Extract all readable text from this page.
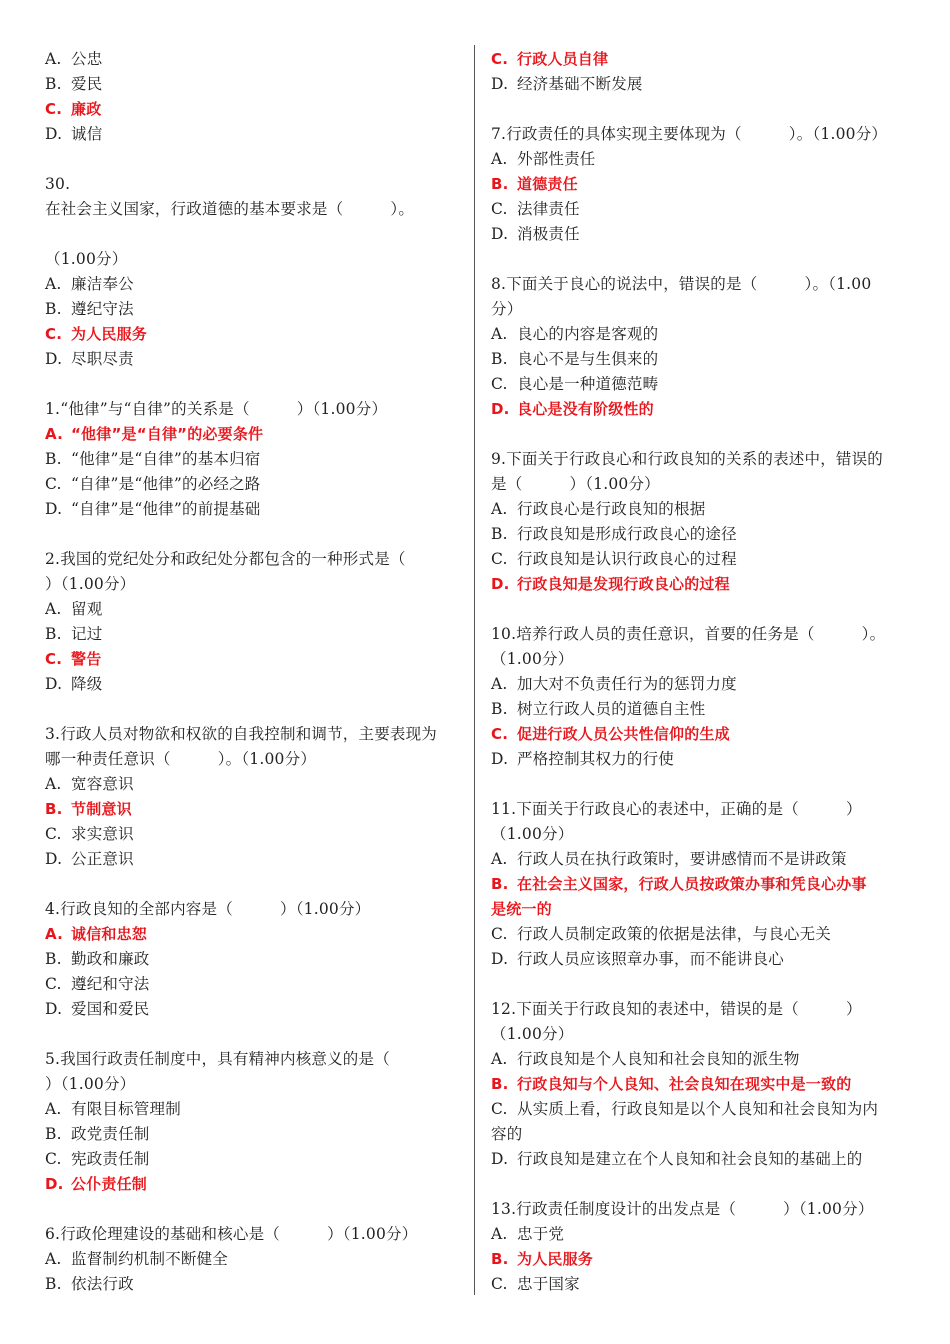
A. 公忠
B. 爱民
C. 廉政
D. 诚信
30.
在社会主义国家，行政道德的基本要求是（　　　）。
（1.00分）
A. 廉洁奉公
B. 遵纪守法
C. 为人民服务
D. 尽职尽责
1.“他律”与“自律”的关系是（　　　）（1.00分）
A. “他律”是“自律”的必要条件
B. “他律”是“自律”的基本归宿
C. “自律”是“他律”的必经之路
D. “自律”是“他律”的前提基础
2.我国的党纪处分和政纪处分都包含的一种形式是（
）（1.00分）
A. 留观
B. 记过
C. 警告
D. 降级
3.行政人员对物欲和权欲的自我控制和调节，主要表现为
哪一种责任意识（　　　）。（1.00分）
A. 宽容意识
B. 节制意识
C. 求实意识
D. 公正意识
4.行政良知的全部内容是（　　　）（1.00分）
A. 诚信和忠恕
B. 勤政和廉政
C. 遵纪和守法
D. 爱国和爱民
5.我国行政责任制度中，具有精神内核意义的是（
）（1.00分）
A. 有限目标管理制
B. 政党责任制
C. 宪政责任制
D. 公仆责任制
6.行政伦理建设的基础和核心是（　　　）（1.00分）
A. 监督制约机制不断健全
B. 依法行政
C. 行政人员自律
D. 经济基础不断发展
7.行政责任的具体实现主要体现为（　　　）。（1.00分）
A. 外部性责任
B. 道德责任
C. 法律责任
D. 消极责任
8.下面关于良心的说法中，错误的是（　　　）。（1.00
分）
A. 良心的内容是客观的
B. 良心不是与生俱来的
C. 良心是一种道德范畴
D. 良心是没有阶级性的
9.下面关于行政良心和行政良知的关系的表述中，错误的
是（　　　）（1.00分）
A. 行政良心是行政良知的根据
B. 行政良知是形成行政良心的途径
C. 行政良知是认识行政良心的过程
D. 行政良知是发现行政良心的过程
10.培养行政人员的责任意识，首要的任务是（　　　）。
（1.00分）
A. 加大对不负责任行为的惩罚力度
B. 树立行政人员的道德自主性
C. 促进行政人员公共性信仰的生成
D. 严格控制其权力的行使
11.下面关于行政良心的表述中，正确的是（　　　）
（1.00分）
A. 行政人员在执行政策时，要讲感情而不是讲政策
B. 在社会主义国家，行政人员按政策办事和凭良心办事
是统一的
C. 行政人员制定政策的依据是法律，与良心无关
D. 行政人员应该照章办事，而不能讲良心
12.下面关于行政良知的表述中，错误的是（　　　）
（1.00分）
A. 行政良知是个人良知和社会良知的派生物
B. 行政良知与个人良知、社会良知在现实中是一致的
C. 从实质上看，行政良知是以个人良知和社会良知为内
容的
D. 行政良知是建立在个人良知和社会良知的基础上的
13.行政责任制度设计的出发点是（　　　）（1.00分）
A. 忠于党
B. 为人民服务
C. 忠于国家
